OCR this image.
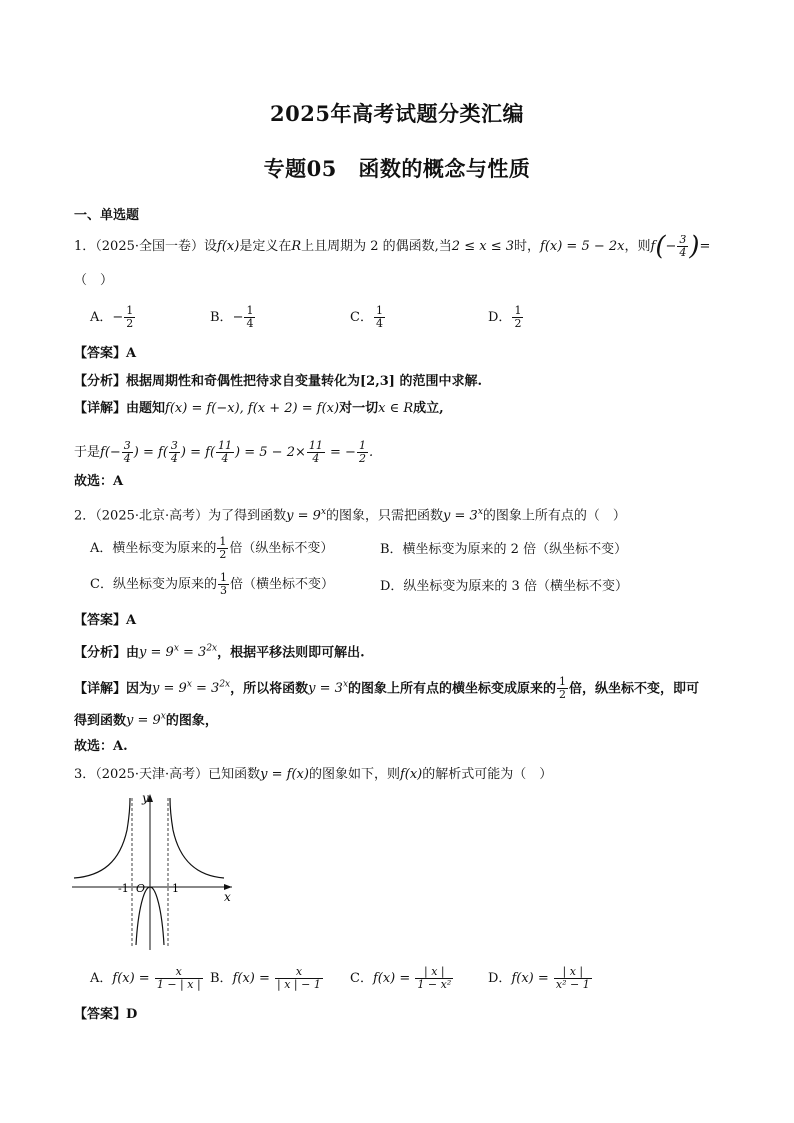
2025年高考试题分类汇编
专题05　函数的概念与性质
一、单选题
1．（2025·全国一卷）设f(x)是定义在R上且周期为 2 的偶函数,当2 ≤ x ≤ 3时，f(x) = 5 − 2x，则$f(- \frac{3}{4}$ )=
（　）
A．− $\frac{1}{2}$	B．− $\frac{1}{4}$	C． $\frac{1}{4}$	D． $\frac{1}{2}$
【答案】A
【分析】根据周期性和奇偶性把待求自变量转化为[2,3] 的范围中求解.
【详解】由题知f(x) = f(−x), f(x + 2) = f(x)对一切x ∈ R成立,
于是$f(- \frac{3}{4}$ ) = $f( \frac{3}{4}$ ) = $f( \frac{11}{4}$ ) = $5 - 2\times \frac{11}{4}$ = − $\frac{1}{2}$ .
故选：A
2．（2025·北京·高考）为了得到函数$y = 9^x$的图象，只需把函数$y = 3^x$的图象上所有点的（　）
A．横坐标变为原来的 $\frac{1}{2}$ 倍（纵坐标不变）	B．横坐标变为原来的 2 倍（纵坐标不变）
C．纵坐标变为原来的 $\frac{1}{3}$ 倍（横坐标不变）	D．纵坐标变为原来的 3 倍（横坐标不变）
【答案】A
【分析】由$y = 9^x = 3^{2x}$，根据平移法则即可解出.
【详解】因为$y = 9^x = 3^{2x}$，所以将函数$y = 3^x$的图象上所有点的横坐标变成原来的 $\frac{1}{2}$ 倍，纵坐标不变，即可
得到函数$y = 9^x$的图象，
故选：A.
3．（2025·天津·高考）已知函数y = f(x)的图象如下，则f(x)的解析式可能为（　）
y
x
O
-1	1
A．$f(x) = \frac{x}{1 - | x |}$ B．$f(x) = \frac{x}{| x | - 1}$ C．$f(x) = \frac{| x |}{\text{1 − x²}}$	D．$f(x) = \frac{| x |}{\text{x² − 1}}$
【答案】D
